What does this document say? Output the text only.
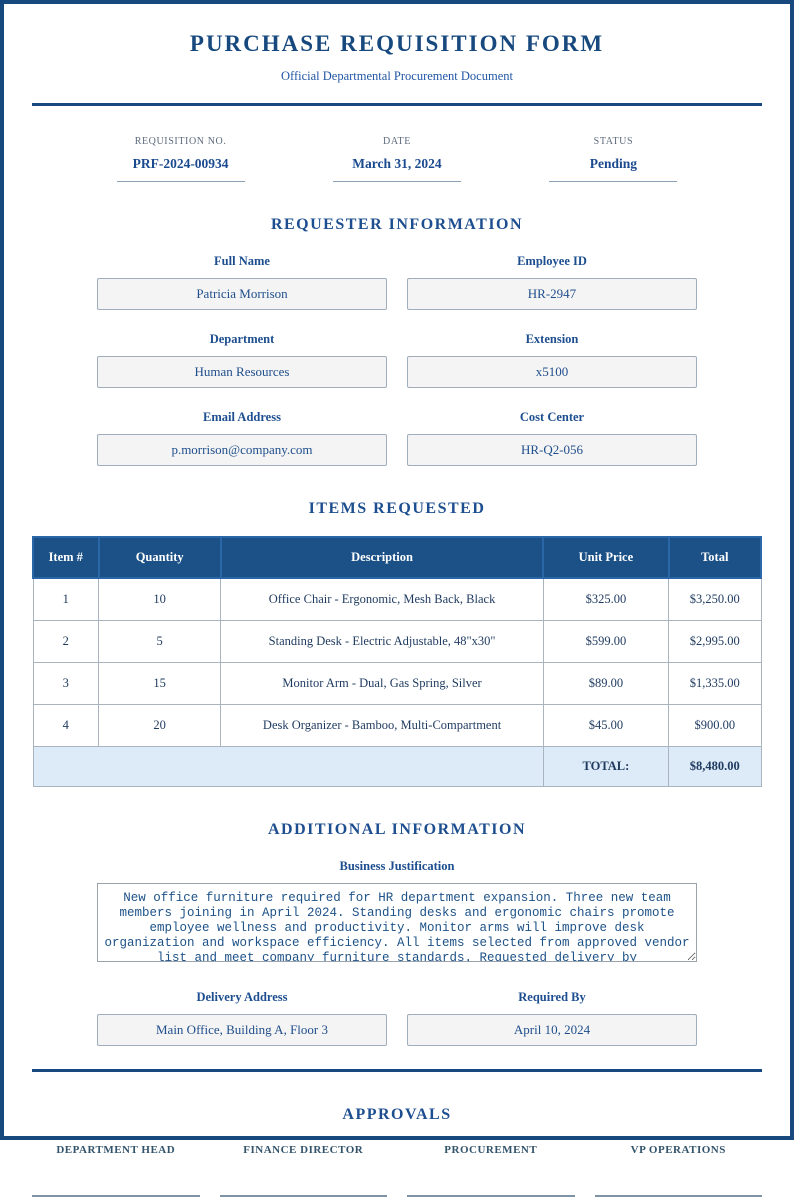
PURCHASE REQUISITION FORM
Official Departmental Procurement Document
REQUISITION NO.
PRF-2024-00934
DATE
March 31, 2024
STATUS
Pending
REQUESTER INFORMATION
Full Name
Patricia Morrison	Employee ID
HR-2947
Department
Human Resources	Extension
x5100
Email Address
p.morrison@company.com	Cost Center
HR-Q2-056
ITEMS REQUESTED
Item #	Quantity	Description	Unit Price	Total
1	10	Office Chair - Ergonomic, Mesh Back, Black	$325.00	$3,250.00
2	5	Standing Desk - Electric Adjustable, 48"x30"	$599.00	$2,995.00
3	15	Monitor Arm - Dual, Gas Spring, Silver	$89.00	$1,335.00
4	20	Desk Organizer - Bamboo, Multi-Compartment	$45.00	$900.00
			TOTAL:	$8,480.00
ADDITIONAL INFORMATION
Business Justification
New office furniture required for HR department expansion. Three new team members joining in April 2024. Standing desks and ergonomic chairs promote employee wellness and productivity. Monitor arms will improve desk organization and workspace efficiency. All items selected from approved vendor list and meet company furniture standards. Requested delivery by
Delivery Address
Main Office, Building A, Floor 3	Required By
April 10, 2024
APPROVALS
DEPARTMENT HEAD	FINANCE DIRECTOR	PROCUREMENT	VP OPERATIONS
